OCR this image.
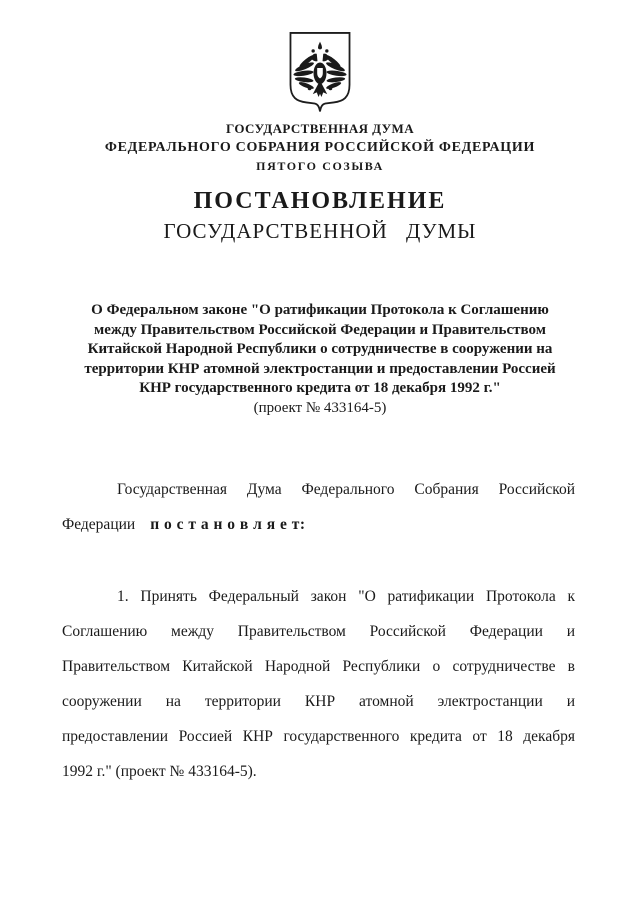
ГОСУДАРСТВЕННАЯ ДУМА
ФЕДЕРАЛЬНОГО СОБРАНИЯ РОССИЙСКОЙ ФЕДЕРАЦИИ
ПЯТОГО СОЗЫВА
ПОСТАНОВЛЕНИЕ
ГОСУДАРСТВЕННОЙ ДУМЫ
О Федеральном законе "О ратификации Протокола к Соглашению
между Правительством Российской Федерации и Правительством
Китайской Народной Республики о сотрудничестве в сооружении на
территории КНР атомной электростанции и предоставлении Россией
КНР государственного кредита от 18 декабря 1992 г."
(проект № 433164-5)
Государственная Дума Федерального Собрания Российской
Федерации п о с т а н о в л я е т:
1. Принять Федеральный закон "О ратификации Протокола к
Соглашению между Правительством Российской Федерации и
Правительством Китайской Народной Республики о сотрудничестве в
сооружении на территории КНР атомной электростанции и
предоставлении Россией КНР государственного кредита от 18 декабря
1992 г." (проект № 433164-5).
